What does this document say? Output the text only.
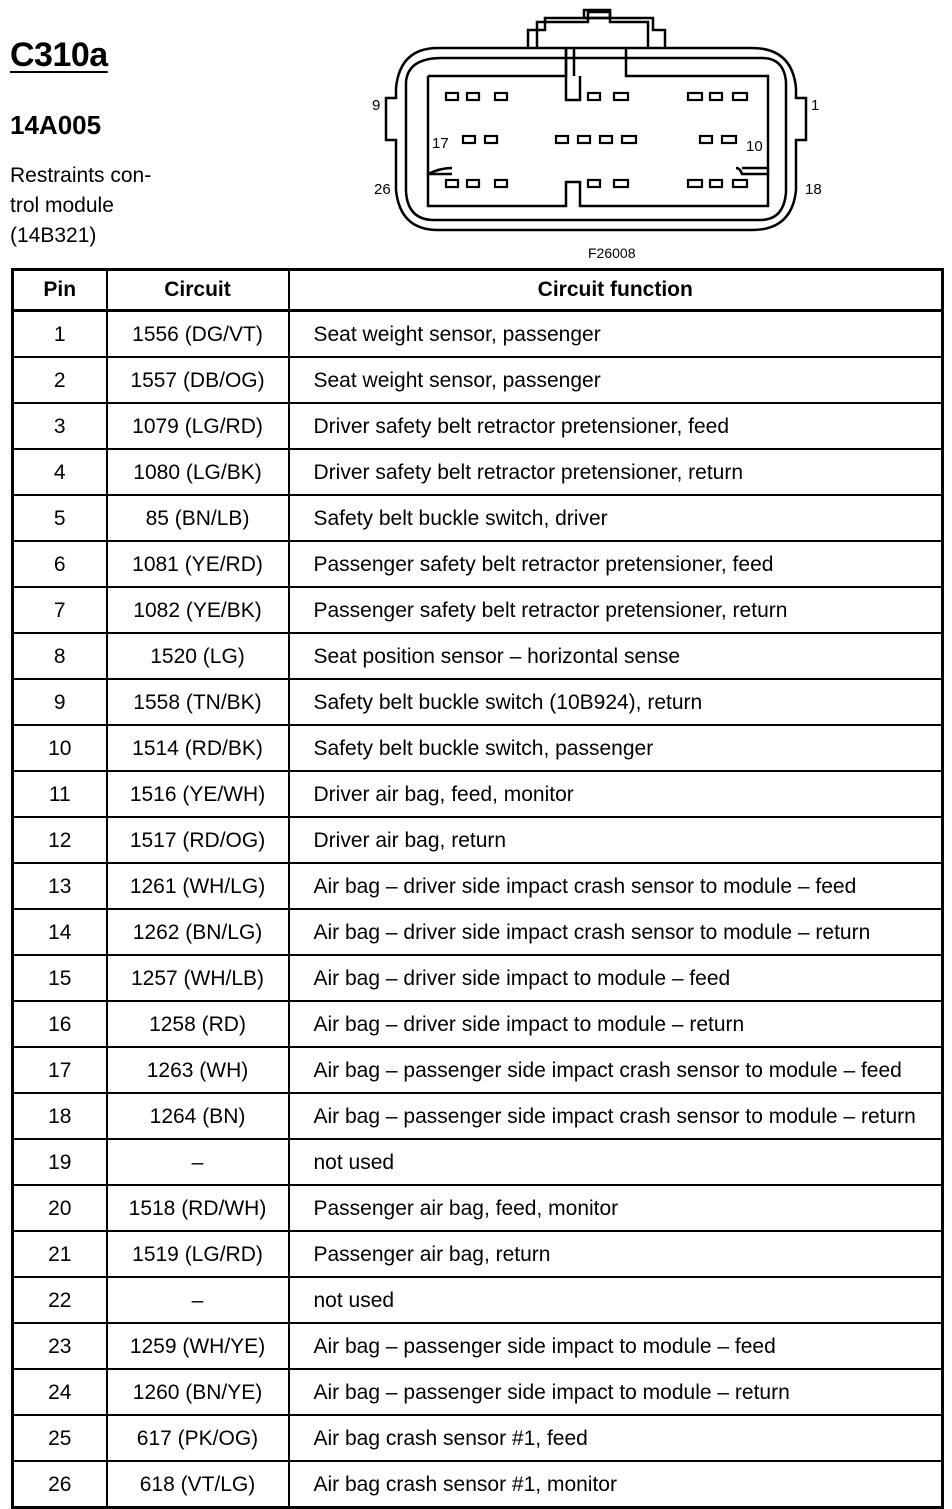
C310a
14A005
Restraints con-
trol module
(14B321)
9	1
17	10
26	18
F26008
Pin	Circuit	Circuit function
1	1556 (DG/VT)	Seat weight sensor, passenger
2	1557 (DB/OG)	Seat weight sensor, passenger
3	1079 (LG/RD)	Driver safety belt retractor pretensioner, feed
4	1080 (LG/BK)	Driver safety belt retractor pretensioner, return
5	85 (BN/LB)	Safety belt buckle switch, driver
6	1081 (YE/RD)	Passenger safety belt retractor pretensioner, feed
7	1082 (YE/BK)	Passenger safety belt retractor pretensioner, return
8	1520 (LG)	Seat position sensor – horizontal sense
9	1558 (TN/BK)	Safety belt buckle switch (10B924), return
10	1514 (RD/BK)	Safety belt buckle switch, passenger
11	1516 (YE/WH)	Driver air bag, feed, monitor
12	1517 (RD/OG)	Driver air bag, return
13	1261 (WH/LG)	Air bag – driver side impact crash sensor to module – feed
14	1262 (BN/LG)	Air bag – driver side impact crash sensor to module – return
15	1257 (WH/LB)	Air bag – driver side impact to module – feed
16	1258 (RD)	Air bag – driver side impact to module – return
17	1263 (WH)	Air bag – passenger side impact crash sensor to module – feed
18	1264 (BN)	Air bag – passenger side impact crash sensor to module – return
19	–	not used
20	1518 (RD/WH)	Passenger air bag, feed, monitor
21	1519 (LG/RD)	Passenger air bag, return
22	–	not used
23	1259 (WH/YE)	Air bag – passenger side impact to module – feed
24	1260 (BN/YE)	Air bag – passenger side impact to module – return
25	617 (PK/OG)	Air bag crash sensor #1, feed
26	618 (VT/LG)	Air bag crash sensor #1, monitor
